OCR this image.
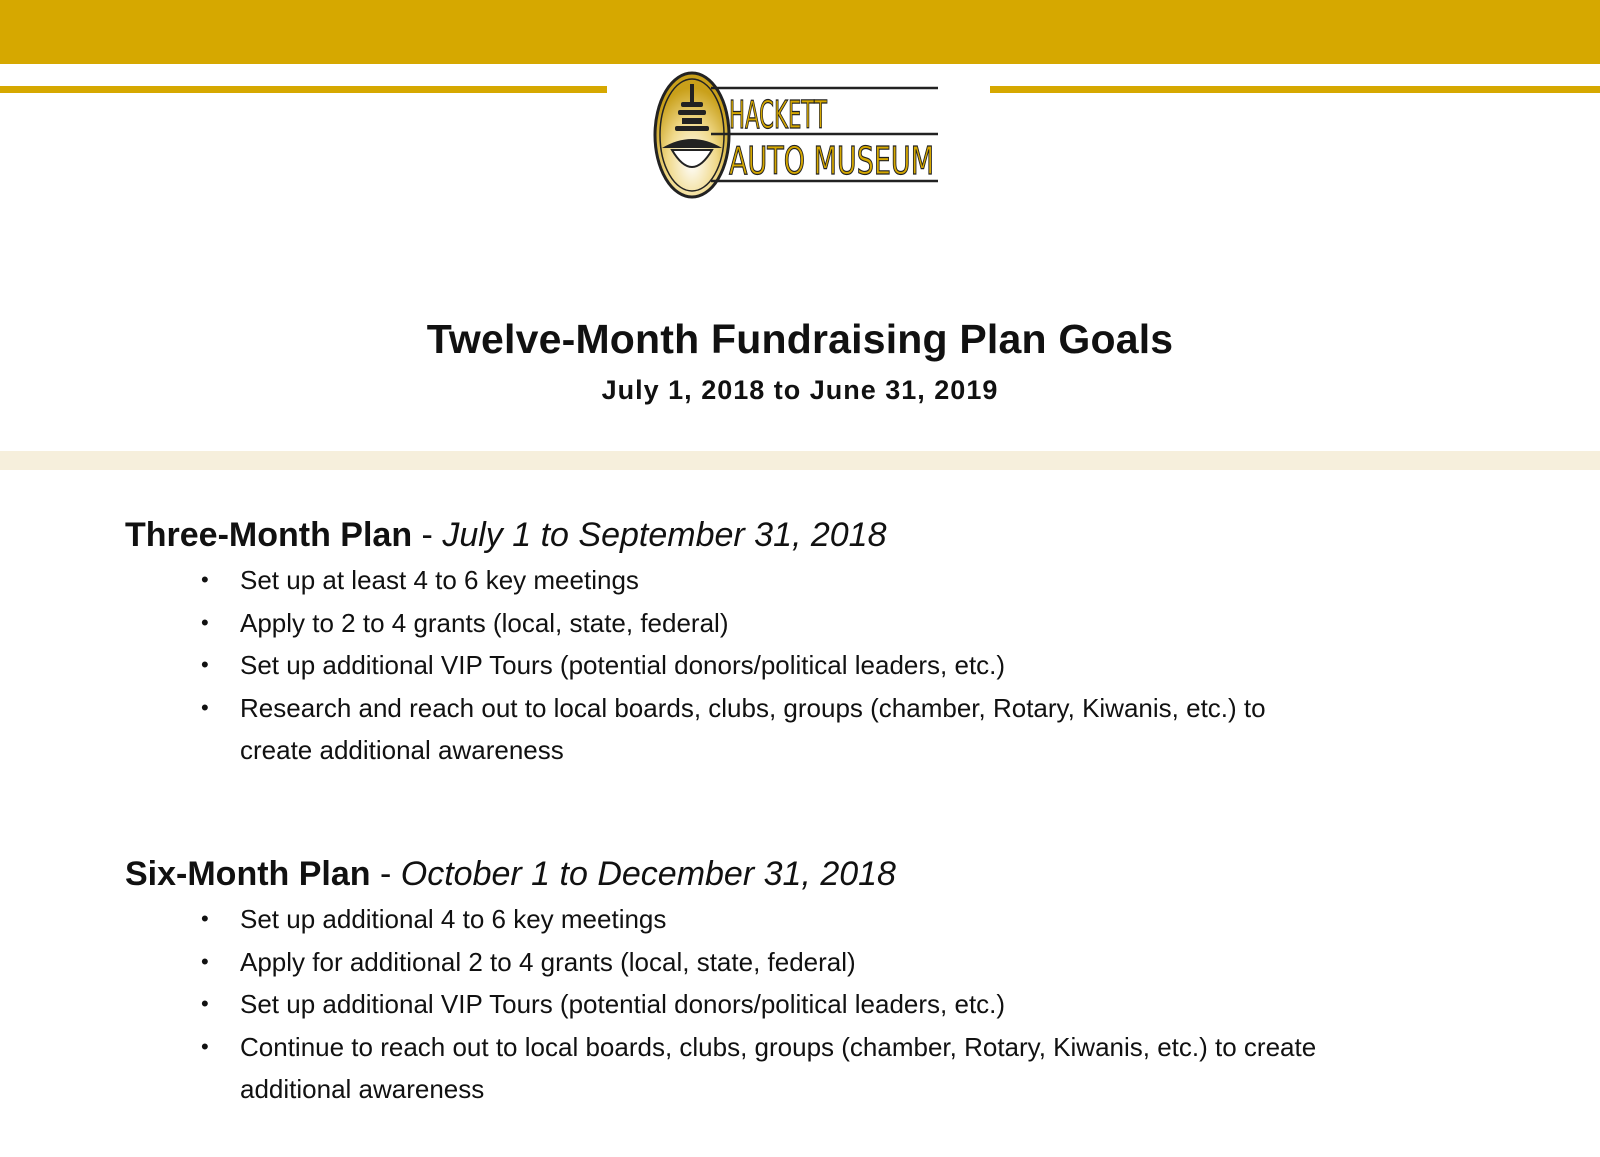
HACKETT
AUTO MUSEUM
Twelve-Month Fundraising Plan Goals
July 1, 2018 to June 31, 2019
Three-Month Plan - July 1 to September 31, 2018
• Set up at least 4 to 6 key meetings
• Apply to 2 to 4 grants (local, state, federal)
• Set up additional VIP Tours (potential donors/political leaders, etc.)
• Research and reach out to local boards, clubs, groups (chamber, Rotary, Kiwanis, etc.) to create additional awareness
Six-Month Plan - October 1 to December 31, 2018
• Set up additional 4 to 6 key meetings
• Apply for additional 2 to 4 grants (local, state, federal)
• Set up additional VIP Tours (potential donors/political leaders, etc.)
• Continue to reach out to local boards, clubs, groups (chamber, Rotary, Kiwanis, etc.) to create additional awareness
